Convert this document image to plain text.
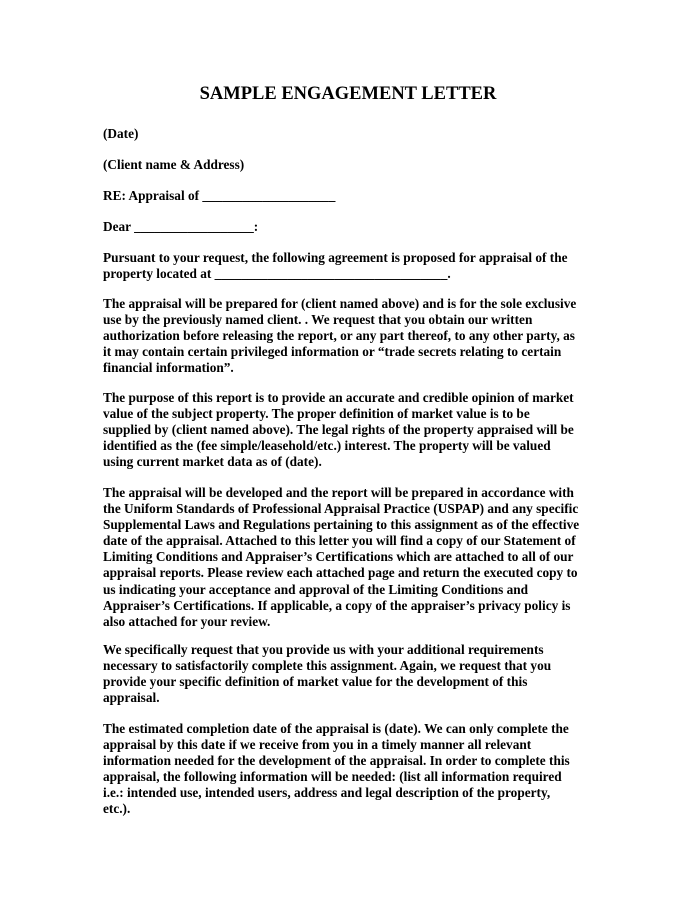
SAMPLE ENGAGEMENT LETTER

(Date)

(Client name & Address)

RE: Appraisal of ____________________

Dear __________________:

Pursuant to your request, the following agreement is proposed for appraisal of the
property located at ___________________________________.
The appraisal will be prepared for (client named above) and is for the sole exclusive
use by the previously named client. . We request that you obtain our written
authorization before releasing the report, or any part thereof, to any other party, as
it may contain certain privileged information or “trade secrets relating to certain
financial information”.
The purpose of this report is to provide an accurate and credible opinion of market
value of the subject property. The proper definition of market value is to be
supplied by (client named above). The legal rights of the property appraised will be
identified as the (fee simple/leasehold/etc.) interest. The property will be valued
using current market data as of (date).
The appraisal will be developed and the report will be prepared in accordance with
the Uniform Standards of Professional Appraisal Practice (USPAP) and any specific
Supplemental Laws and Regulations pertaining to this assignment as of the effective
date of the appraisal. Attached to this letter you will find a copy of our Statement of
Limiting Conditions and Appraiser’s Certifications which are attached to all of our
appraisal reports. Please review each attached page and return the executed copy to
us indicating your acceptance and approval of the Limiting Conditions and
Appraiser’s Certifications. If applicable, a copy of the appraiser’s privacy policy is
also attached for your review.
We specifically request that you provide us with your additional requirements
necessary to satisfactorily complete this assignment. Again, we request that you
provide your specific definition of market value for the development of this
appraisal.
The estimated completion date of the appraisal is (date). We can only complete the
appraisal by this date if we receive from you in a timely manner all relevant
information needed for the development of the appraisal. In order to complete this
appraisal, the following information will be needed: (list all information required
i.e.: intended use, intended users, address and legal description of the property,
etc.).
